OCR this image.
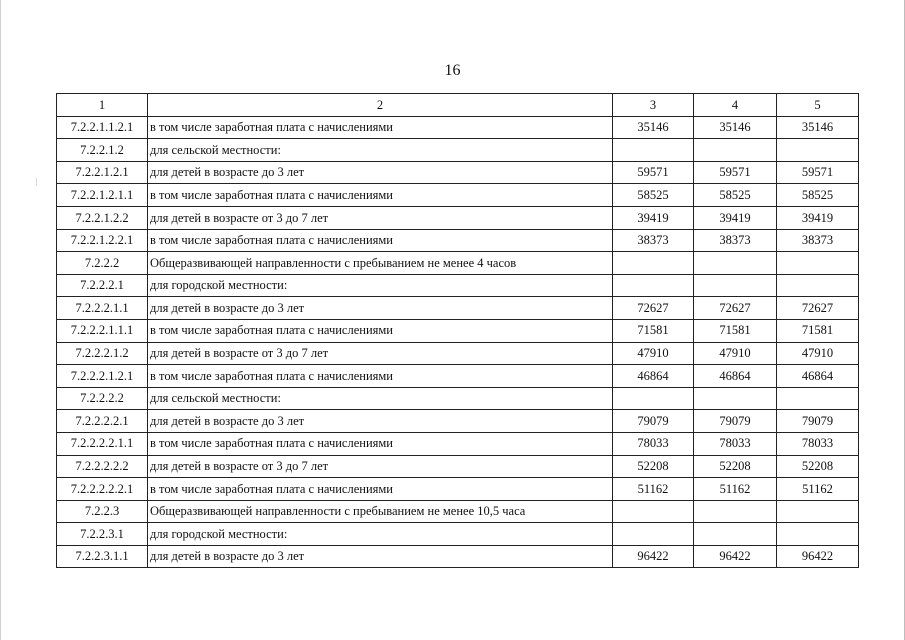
16
1	2	3	4	5
7.2.2.1.1.2.1	в том числе заработная плата с начислениями	35146	35146	35146
7.2.2.1.2	для сельской местности:			
7.2.2.1.2.1	для детей в возрасте до 3 лет	59571	59571	59571
7.2.2.1.2.1.1	в том числе заработная плата с начислениями	58525	58525	58525
7.2.2.1.2.2	для детей в возрасте от 3 до 7 лет	39419	39419	39419
7.2.2.1.2.2.1	в том числе заработная плата с начислениями	38373	38373	38373
7.2.2.2	Общеразвивающей направленности с пребыванием не менее 4 часов			
7.2.2.2.1	для городской местности:			
7.2.2.2.1.1	для детей в возрасте до 3 лет	72627	72627	72627
7.2.2.2.1.1.1	в том числе заработная плата с начислениями	71581	71581	71581
7.2.2.2.1.2	для детей в возрасте от 3 до 7 лет	47910	47910	47910
7.2.2.2.1.2.1	в том числе заработная плата с начислениями	46864	46864	46864
7.2.2.2.2	для сельской местности:			
7.2.2.2.2.1	для детей в возрасте до 3 лет	79079	79079	79079
7.2.2.2.2.1.1	в том числе заработная плата с начислениями	78033	78033	78033
7.2.2.2.2.2	для детей в возрасте от 3 до 7 лет	52208	52208	52208
7.2.2.2.2.2.1	в том числе заработная плата с начислениями	51162	51162	51162
7.2.2.3	Общеразвивающей направленности с пребыванием не менее 10,5 часа			
7.2.2.3.1	для городской местности:			
7.2.2.3.1.1	для детей в возрасте до 3 лет	96422	96422	96422
